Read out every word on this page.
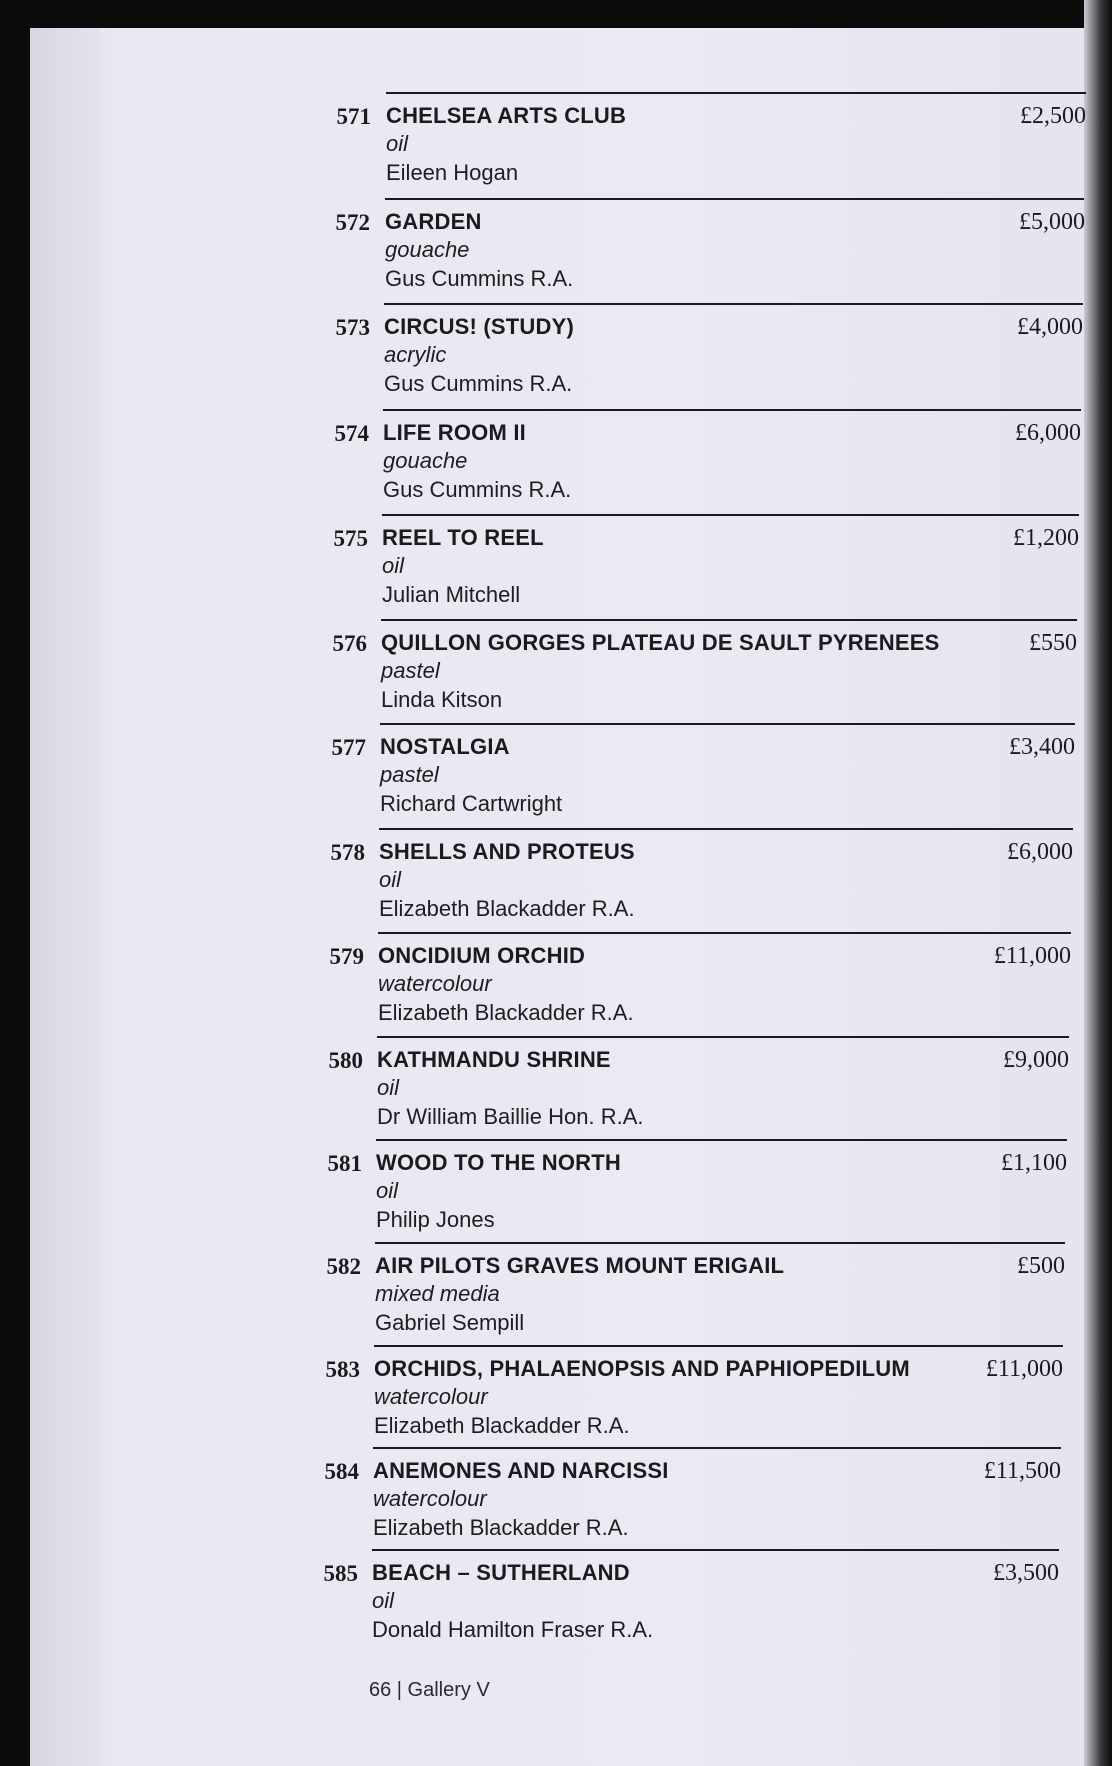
571 CHELSEA ARTS CLUB
oil
Eileen Hogan
£2,500
572 GARDEN
gouache
Gus Cummins R.A.
£5,000
573 CIRCUS! (STUDY)
acrylic
Gus Cummins R.A.
£4,000
574 LIFE ROOM II
gouache
Gus Cummins R.A.
£6,000
575 REEL TO REEL
oil
Julian Mitchell
£1,200
576 QUILLON GORGES PLATEAU DE SAULT PYRENEES
pastel
Linda Kitson
£550
577 NOSTALGIA
pastel
Richard Cartwright
£3,400
578 SHELLS AND PROTEUS
oil
Elizabeth Blackadder R.A.
£6,000
579 ONCIDIUM ORCHID
watercolour
Elizabeth Blackadder R.A.
£11,000
580 KATHMANDU SHRINE
oil
Dr William Baillie Hon. R.A.
£9,000
581 WOOD TO THE NORTH
oil
Philip Jones
£1,100
582 AIR PILOTS GRAVES MOUNT ERIGAIL
mixed media
Gabriel Sempill
£500
583 ORCHIDS, PHALAENOPSIS AND PAPHIOPEDILUM
watercolour
Elizabeth Blackadder R.A.
£11,000
584 ANEMONES AND NARCISSI
watercolour
Elizabeth Blackadder R.A.
£11,500
585 BEACH – SUTHERLAND
oil
Donald Hamilton Fraser R.A.
£3,500
66 | Gallery V
